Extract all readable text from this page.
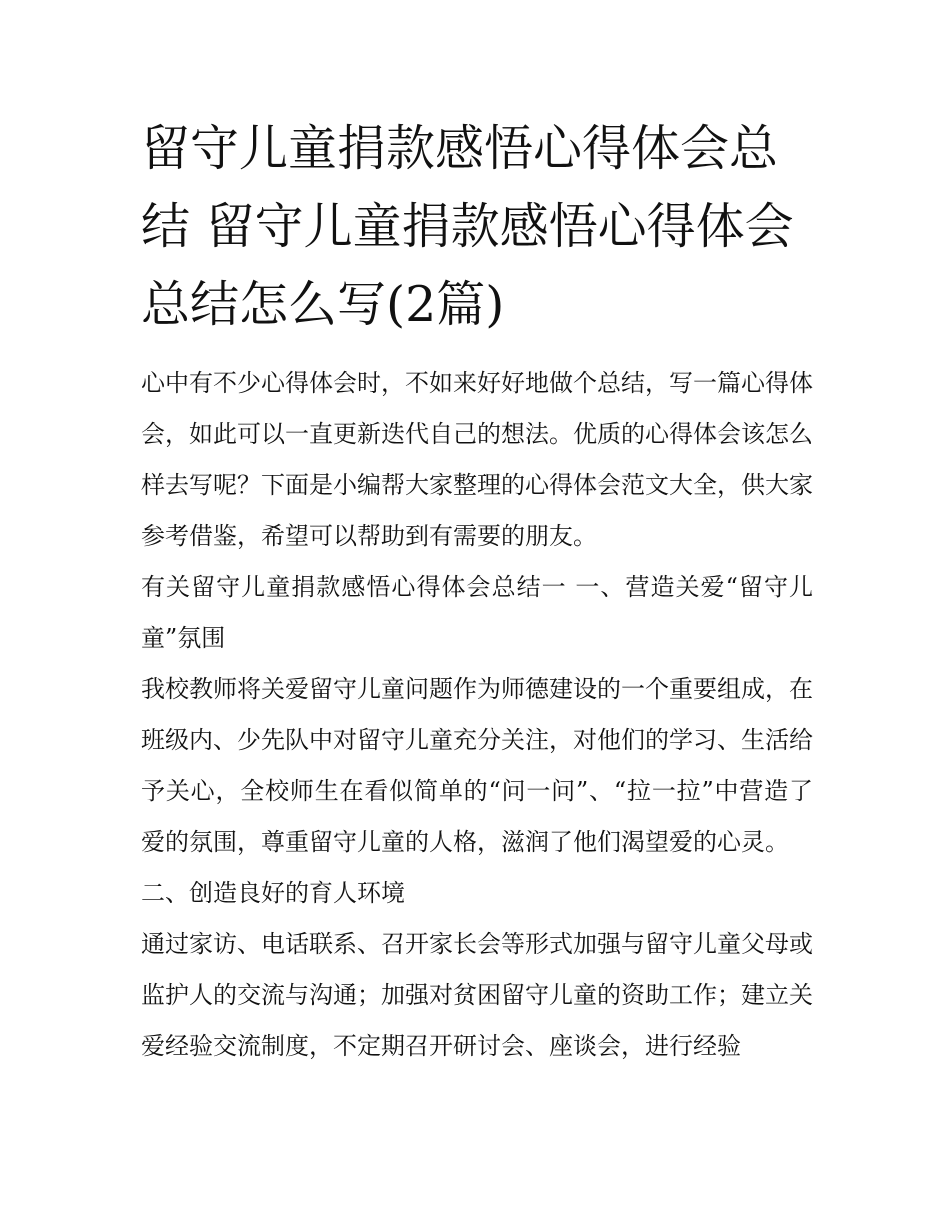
留守儿童捐款感悟心得体会总结 留守儿童捐款感悟心得体会总结怎么写(2篇)

心中有不少心得体会时，不如来好好地做个总结，写一篇心得体会，如此可以一直更新迭代自己的想法。优质的心得体会该怎么样去写呢？下面是小编帮大家整理的心得体会范文大全，供大家参考借鉴，希望可以帮助到有需要的朋友。

有关留守儿童捐款感悟心得体会总结一 一、营造关爱“留守儿童”氛围

我校教师将关爱留守儿童问题作为师德建设的一个重要组成，在班级内、少先队中对留守儿童充分关注，对他们的学习、生活给予关心，全校师生在看似简单的“问一问”、“拉一拉”中营造了爱的氛围，尊重留守儿童的人格，滋润了他们渴望爱的心灵。

二、创造良好的育人环境

通过家访、电话联系、召开家长会等形式加强与留守儿童父母或监护人的交流与沟通；加强对贫困留守儿童的资助工作；建立关爱经验交流制度，不定期召开研讨会、座谈会，进行经验
